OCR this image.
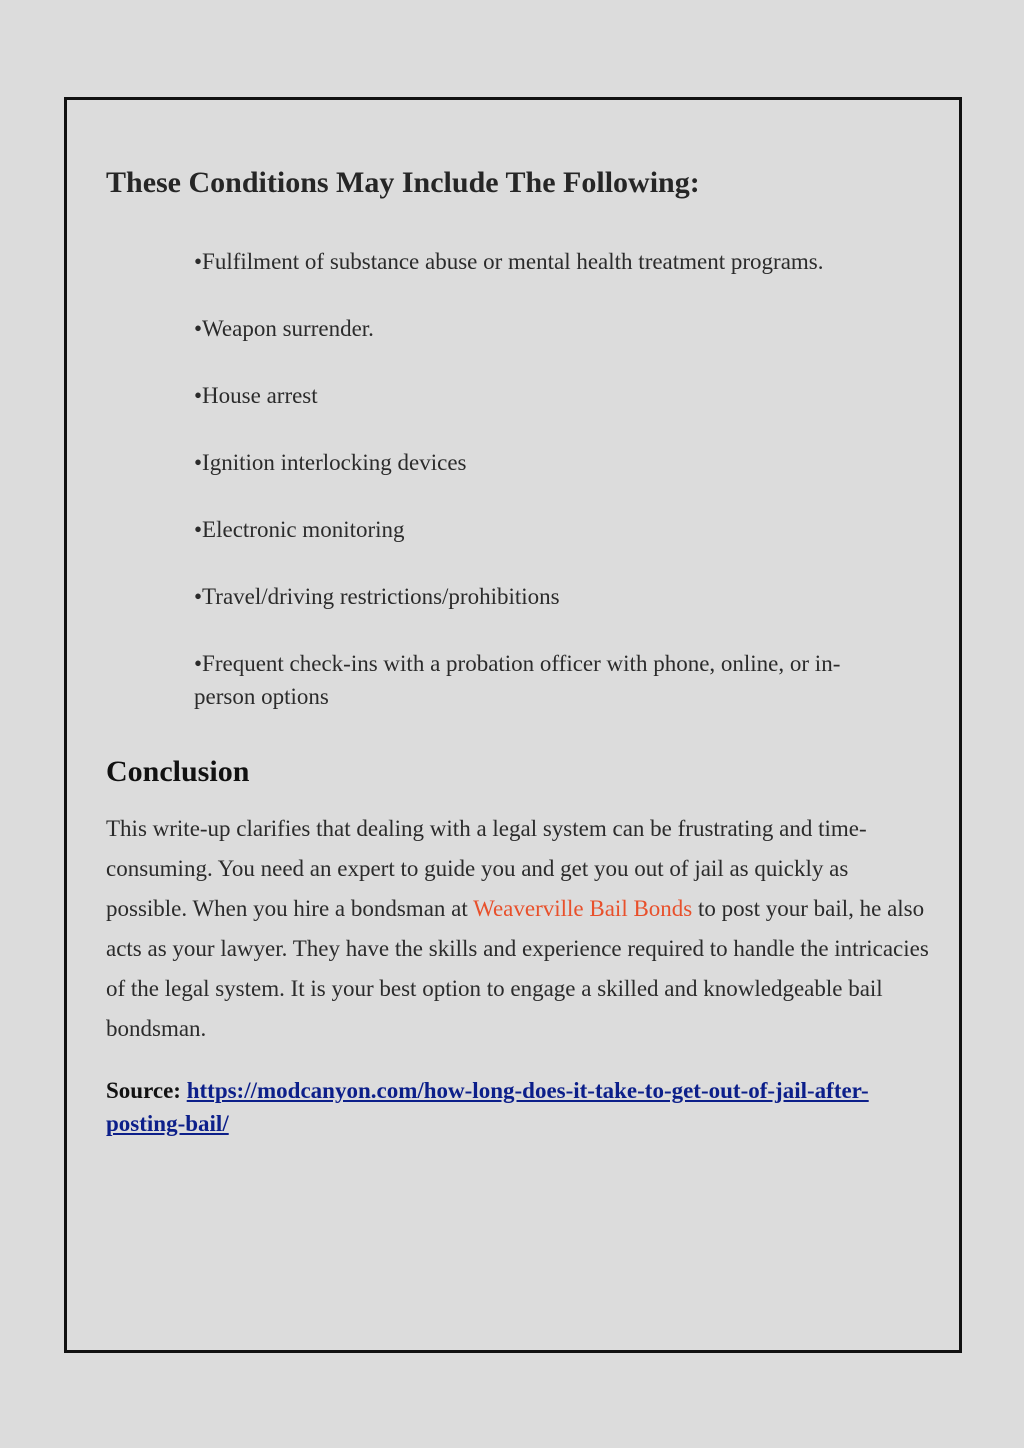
These Conditions May Include The Following:
•Fulfilment of substance abuse or mental health treatment programs.
•Weapon surrender.
•House arrest
•Ignition interlocking devices
•Electronic monitoring
•Travel/driving restrictions/prohibitions
•Frequent check-ins with a probation officer with phone, online, or in-person options
Conclusion

This write-up clarifies that dealing with a legal system can be frustrating and time-consuming. You need an expert to guide you and get you out of jail as quickly as possible. When you hire a bondsman at Weaverville Bail Bonds to post your bail, he also acts as your lawyer. They have the skills and experience required to handle the intricacies of the legal system. It is your best option to engage a skilled and knowledgeable bail bondsman.

Source: https://modcanyon.com/how-long-does-it-take-to-get-out-of-jail-after-posting-bail/
